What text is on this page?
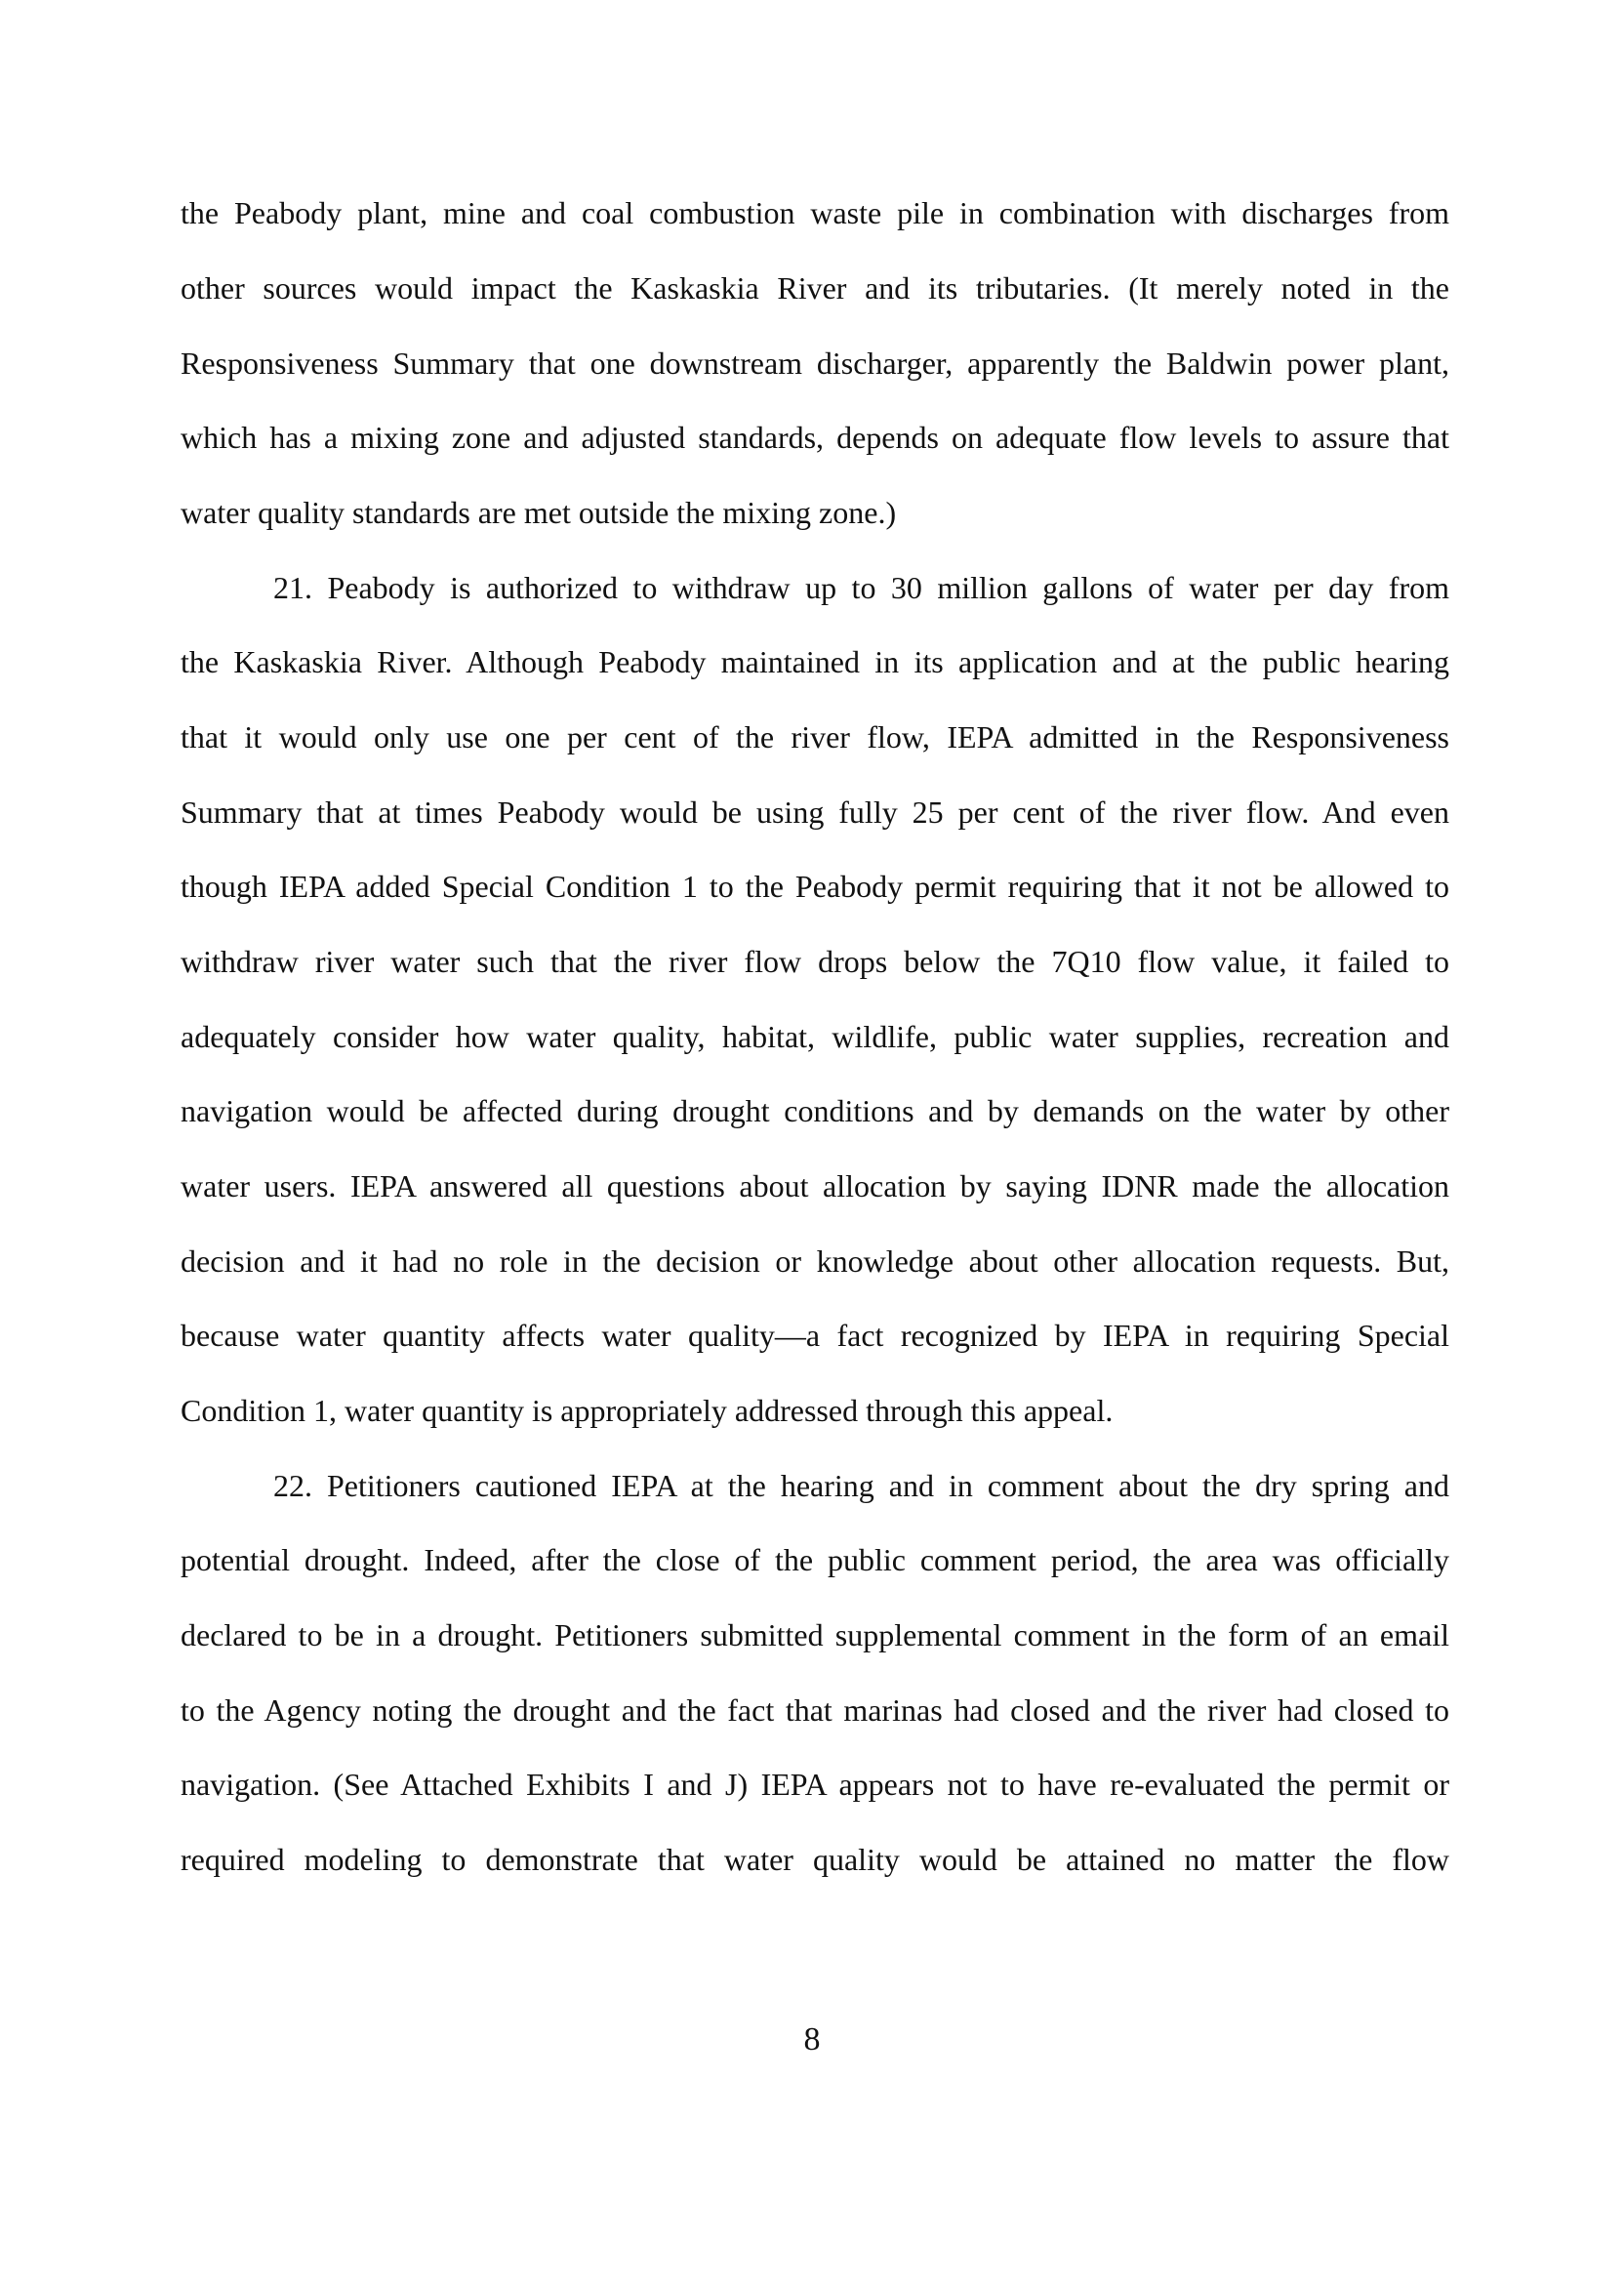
the Peabody plant, mine and coal combustion waste pile in combination with discharges from
other sources would impact the Kaskaskia River and its tributaries. (It merely noted in the
Responsiveness Summary that one downstream discharger, apparently the Baldwin power plant,
which has a mixing zone and adjusted standards, depends on adequate flow levels to assure that
water quality standards are met outside the mixing zone.)
21. Peabody is authorized to withdraw up to 30 million gallons of water per day from
the Kaskaskia River. Although Peabody maintained in its application and at the public hearing
that it would only use one per cent of the river flow, IEPA admitted in the Responsiveness
Summary that at times Peabody would be using fully 25 per cent of the river flow. And even
though IEPA added Special Condition 1 to the Peabody permit requiring that it not be allowed to
withdraw river water such that the river flow drops below the 7Q10 flow value, it failed to
adequately consider how water quality, habitat, wildlife, public water supplies, recreation and
navigation would be affected during drought conditions and by demands on the water by other
water users. IEPA answered all questions about allocation by saying IDNR made the allocation
decision and it had no role in the decision or knowledge about other allocation requests. But,
because water quantity affects water quality—a fact recognized by IEPA in requiring Special
Condition 1, water quantity is appropriately addressed through this appeal.
22. Petitioners cautioned IEPA at the hearing and in comment about the dry spring and
potential drought. Indeed, after the close of the public comment period, the area was officially
declared to be in a drought. Petitioners submitted supplemental comment in the form of an email
to the Agency noting the drought and the fact that marinas had closed and the river had closed to
navigation. (See Attached Exhibits I and J) IEPA appears not to have re-evaluated the permit or
required modeling to demonstrate that water quality would be attained no matter the flow
8
